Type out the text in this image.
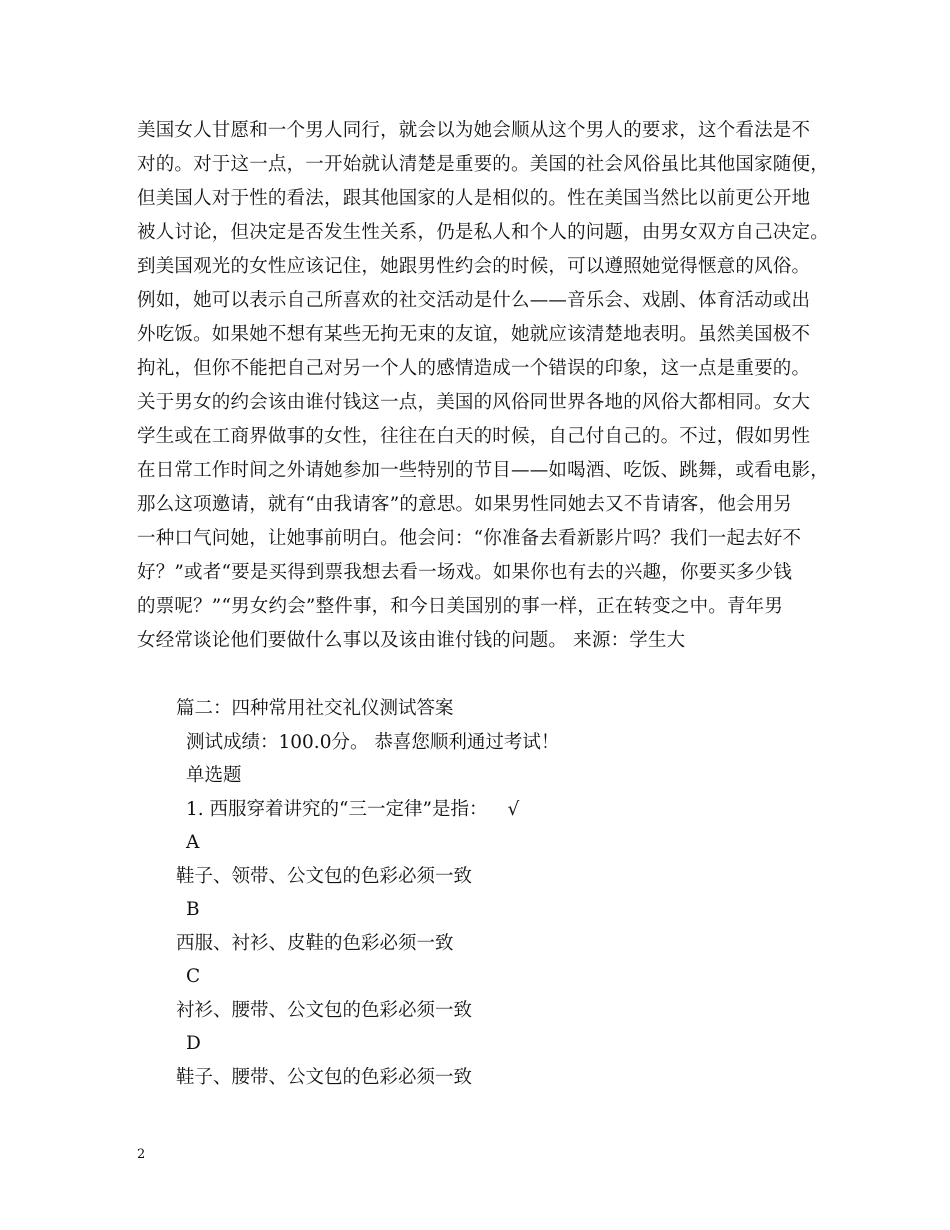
美国女人甘愿和一个男人同行，就会以为她会顺从这个男人的要求，这个看法是不
对的。对于这一点，一开始就认清楚是重要的。美国的社会风俗虽比其他国家随便，
但美国人对于性的看法，跟其他国家的人是相似的。性在美国当然比以前更公开地
被人讨论，但决定是否发生性关系，仍是私人和个人的问题，由男女双方自己决定。
到美国观光的女性应该记住，她跟男性约会的时候，可以遵照她觉得惬意的风俗。
例如，她可以表示自己所喜欢的社交活动是什么——音乐会、戏剧、体育活动或出
外吃饭。如果她不想有某些无拘无束的友谊，她就应该清楚地表明。虽然美国极不
拘礼，但你不能把自己对另一个人的感情造成一个错误的印象，这一点是重要的。
关于男女的约会该由谁付钱这一点，美国的风俗同世界各地的风俗大都相同。女大
学生或在工商界做事的女性，往往在白天的时候，自己付自己的。不过，假如男性
在日常工作时间之外请她参加一些特别的节目——如喝酒、吃饭、跳舞，或看电影，
那么这项邀请，就有“由我请客”的意思。如果男性同她去又不肯请客，他会用另
一种口气问她，让她事前明白。他会问：“你准备去看新影片吗？我们一起去好不
好？”或者“要是买得到票我想去看一场戏。如果你也有去的兴趣，你要买多少钱
的票呢？”“男女约会”整件事，和今日美国别的事一样，正在转变之中。青年男
女经常谈论他们要做什么事以及该由谁付钱的问题。 来源：学生大
篇二：四种常用社交礼仪测试答案
测试成绩：100.0分。 恭喜您顺利通过考试！
单选题
1. 西服穿着讲究的“三一定律”是指： √
A
鞋子、领带、公文包的色彩必须一致
B
西服、衬衫、皮鞋的色彩必须一致
C
衬衫、腰带、公文包的色彩必须一致
D
鞋子、腰带、公文包的色彩必须一致
2
